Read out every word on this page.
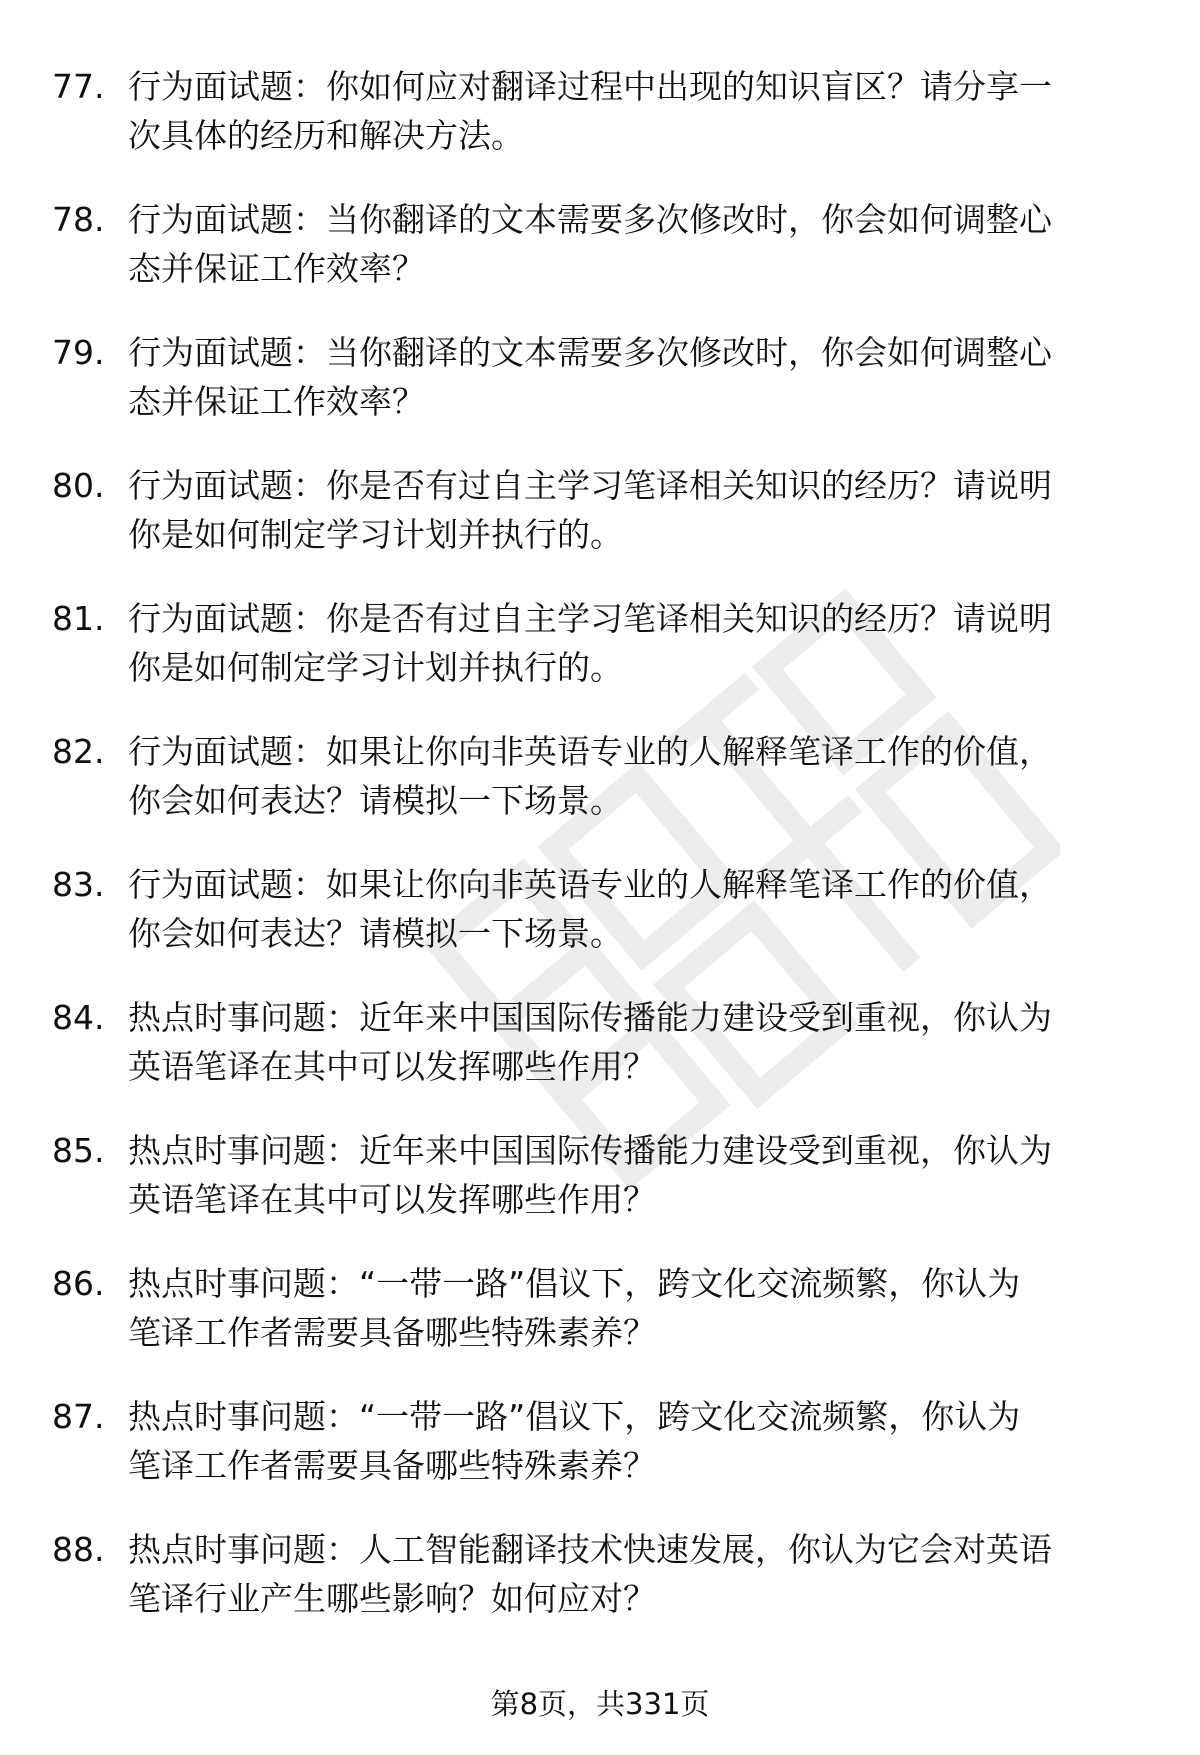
77. 行为面试题：你如何应对翻译过程中出现的知识盲区？请分享一
次具体的经历和解决方法。
78. 行为面试题：当你翻译的文本需要多次修改时，你会如何调整心
态并保证工作效率？
79. 行为面试题：当你翻译的文本需要多次修改时，你会如何调整心
态并保证工作效率？
80. 行为面试题：你是否有过自主学习笔译相关知识的经历？请说明
你是如何制定学习计划并执行的。
81. 行为面试题：你是否有过自主学习笔译相关知识的经历？请说明
你是如何制定学习计划并执行的。
82. 行为面试题：如果让你向非英语专业的人解释笔译工作的价值，
你会如何表达？请模拟一下场景。
83. 行为面试题：如果让你向非英语专业的人解释笔译工作的价值，
你会如何表达？请模拟一下场景。
84. 热点时事问题：近年来中国国际传播能力建设受到重视，你认为
英语笔译在其中可以发挥哪些作用？
85. 热点时事问题：近年来中国国际传播能力建设受到重视，你认为
英语笔译在其中可以发挥哪些作用？
86. 热点时事问题：“一带一路”倡议下，跨文化交流频繁，你认为
笔译工作者需要具备哪些特殊素养？
87. 热点时事问题：“一带一路”倡议下，跨文化交流频繁，你认为
笔译工作者需要具备哪些特殊素养？
88. 热点时事问题：人工智能翻译技术快速发展，你认为它会对英语
笔译行业产生哪些影响？如何应对？
第8页，共331页
